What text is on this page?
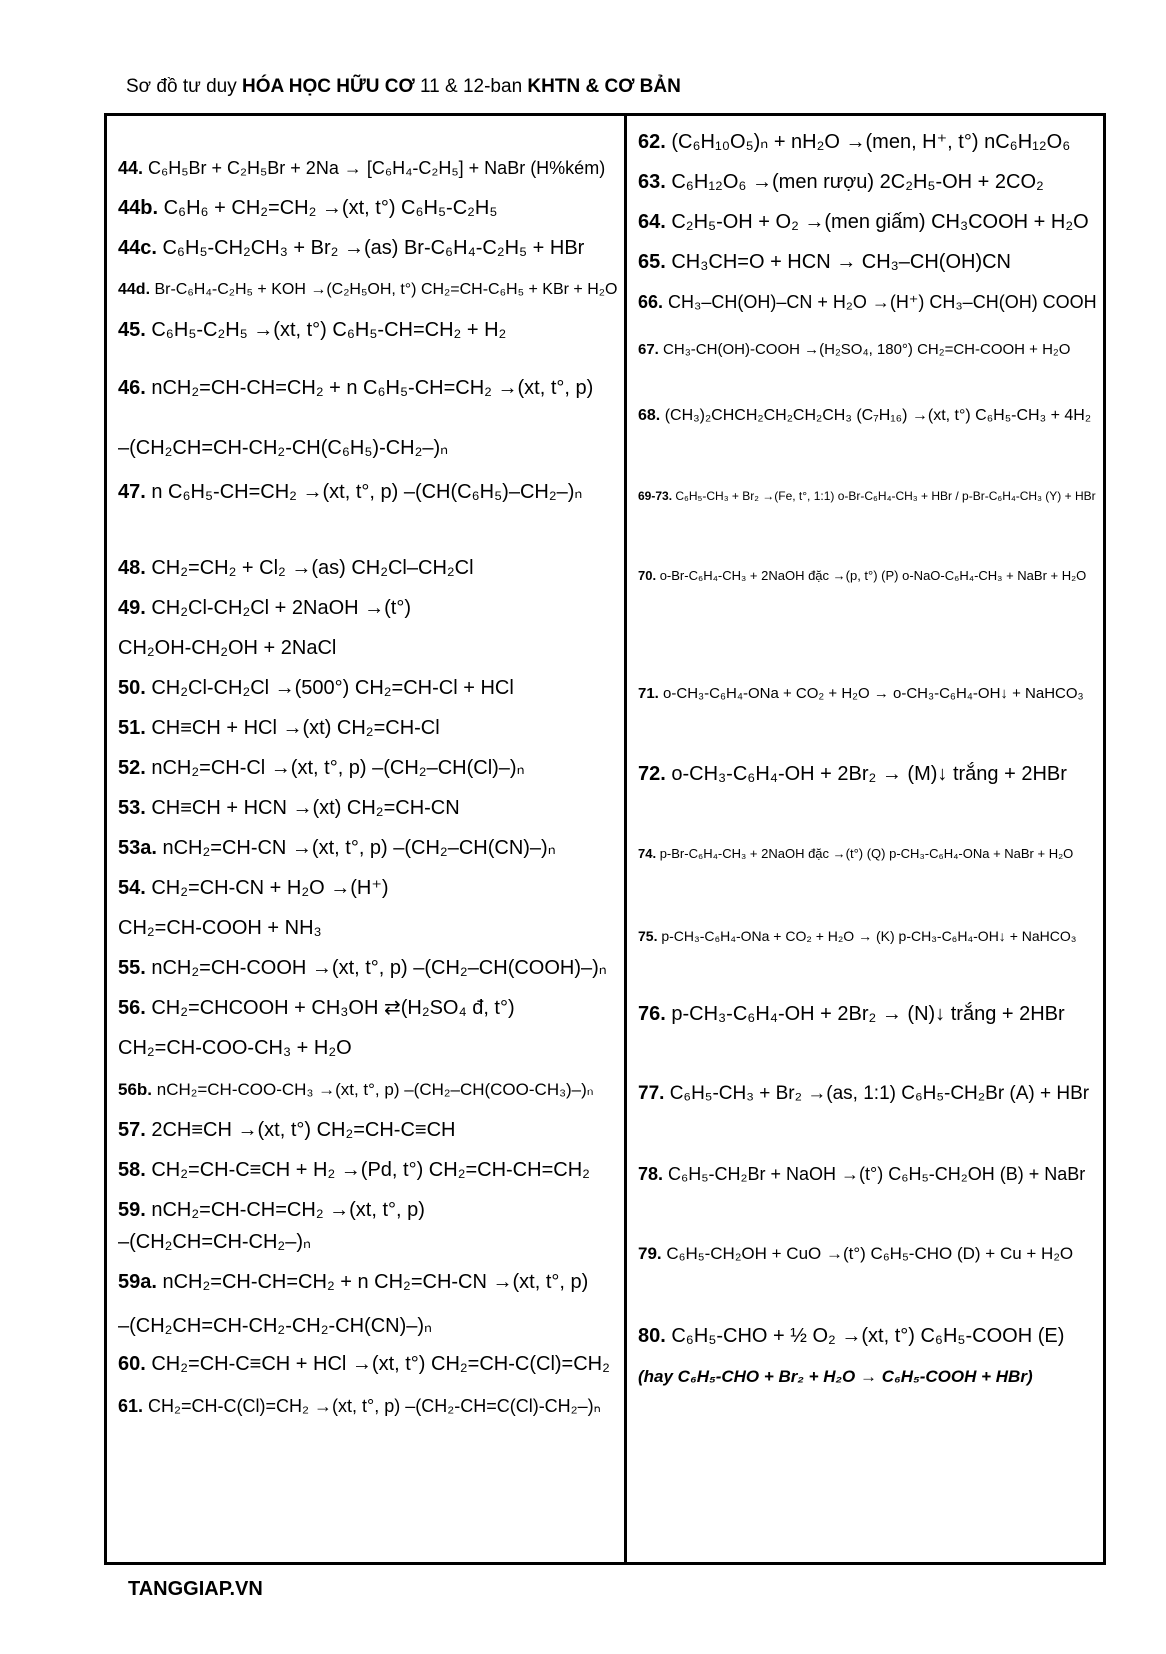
Sơ đồ tư duy HÓA HỌC HỮU CƠ 11 & 12-ban KHTN & CƠ BẢN
44. C₆H₅Br + C₂H₅Br + 2Na → [C₆H₄-C₂H₅] + NaBr (H%kém)
44b. C₆H₆ + CH₂=CH₂ →(xt, t°) C₆H₅-C₂H₅
44c. C₆H₅-CH₂CH₃ + Br₂ →(as) Br-C₆H₄-C₂H₅ + HBr
44d. Br-C₆H₄-C₂H₅ + KOH →(C₂H₅OH, t°) CH₂=CH-C₆H₅ + KBr + H₂O
45. C₆H₅-C₂H₅ →(xt, t°) C₆H₅-CH=CH₂ + H₂
46. nCH₂=CH-CH=CH₂ + n C₆H₅-CH=CH₂ →(xt, t°, p)
–(CH₂CH=CH-CH₂-CH(C₆H₅)-CH₂–)ₙ
47. n C₆H₅-CH=CH₂ →(xt, t°, p) –(CH(C₆H₅)–CH₂–)ₙ
48. CH₂=CH₂ + Cl₂ →(as) CH₂Cl–CH₂Cl
49. CH₂Cl-CH₂Cl + 2NaOH →(t°)
CH₂OH-CH₂OH + 2NaCl
50. CH₂Cl-CH₂Cl →(500°) CH₂=CH-Cl + HCl
51. CH≡CH + HCl →(xt) CH₂=CH-Cl
52. nCH₂=CH-Cl →(xt, t°, p) –(CH₂–CH(Cl)–)ₙ
53. CH≡CH + HCN →(xt) CH₂=CH-CN
53a. nCH₂=CH-CN →(xt, t°, p) –(CH₂–CH(CN)–)ₙ
54. CH₂=CH-CN + H₂O →(H⁺)
CH₂=CH-COOH + NH₃
55. nCH₂=CH-COOH →(xt, t°, p) –(CH₂–CH(COOH)–)ₙ
56. CH₂=CHCOOH + CH₃OH ⇄(H₂SO₄ đ, t°)
CH₂=CH-COO-CH₃ + H₂O
56b. nCH₂=CH-COO-CH₃ →(xt, t°, p) –(CH₂–CH(COO-CH₃)–)ₙ
57. 2CH≡CH →(xt, t°) CH₂=CH-C≡CH
58. CH₂=CH-C≡CH + H₂ →(Pd, t°) CH₂=CH-CH=CH₂
59. nCH₂=CH-CH=CH₂ →(xt, t°, p)
–(CH₂CH=CH-CH₂–)ₙ
59a. nCH₂=CH-CH=CH₂ + n CH₂=CH-CN →(xt, t°, p)
–(CH₂CH=CH-CH₂-CH₂-CH(CN)–)ₙ
60. CH₂=CH-C≡CH + HCl →(xt, t°) CH₂=CH-C(Cl)=CH₂
61. CH₂=CH-C(Cl)=CH₂ →(xt, t°, p) –(CH₂-CH=C(Cl)-CH₂–)ₙ
62. (C₆H₁₀O₅)ₙ + nH₂O →(men, H⁺, t°) nC₆H₁₂O₆
63. C₆H₁₂O₆ →(men rượu) 2C₂H₅-OH + 2CO₂
64. C₂H₅-OH + O₂ →(men giấm) CH₃COOH + H₂O
65. CH₃CH=O + HCN → CH₃–CH(OH)CN
66. CH₃–CH(OH)–CN + H₂O →(H⁺) CH₃–CH(OH) COOH
67. CH₃-CH(OH)-COOH →(H₂SO₄, 180°) CH₂=CH-COOH + H₂O
68. (CH₃)₂CHCH₂CH₂CH₂CH₃ (C₇H₁₆) →(xt, t°) C₆H₅-CH₃ + 4H₂
69-73. C₆H₅-CH₃ + Br₂ →(Fe, t°, 1:1) o-Br-C₆H₄-CH₃ + HBr / p-Br-C₆H₄-CH₃ (Y) + HBr
70. o-Br-C₆H₄-CH₃ + 2NaOH đặc →(p, t°) (P) o-NaO-C₆H₄-CH₃ + NaBr + H₂O
71. o-CH₃-C₆H₄-ONa + CO₂ + H₂O → o-CH₃-C₆H₄-OH↓ + NaHCO₃
72. o-CH₃-C₆H₄-OH + 2Br₂ → (M)↓ trắng + 2HBr
74. p-Br-C₆H₄-CH₃ + 2NaOH đặc →(t°) (Q) p-CH₃-C₆H₄-ONa + NaBr + H₂O
75. p-CH₃-C₆H₄-ONa + CO₂ + H₂O → (K) p-CH₃-C₆H₄-OH↓ + NaHCO₃
76. p-CH₃-C₆H₄-OH + 2Br₂ → (N)↓ trắng + 2HBr
77. C₆H₅-CH₃ + Br₂ →(as, 1:1) C₆H₅-CH₂Br (A) + HBr
78. C₆H₅-CH₂Br + NaOH →(t°) C₆H₅-CH₂OH (B) + NaBr
79. C₆H₅-CH₂OH + CuO →(t°) C₆H₅-CHO (D) + Cu + H₂O
80. C₆H₅-CHO + ½ O₂ →(xt, t°) C₆H₅-COOH (E)
(hay C₆H₅-CHO + Br₂ + H₂O → C₆H₅-COOH + HBr)
TANGGIAP.VN
